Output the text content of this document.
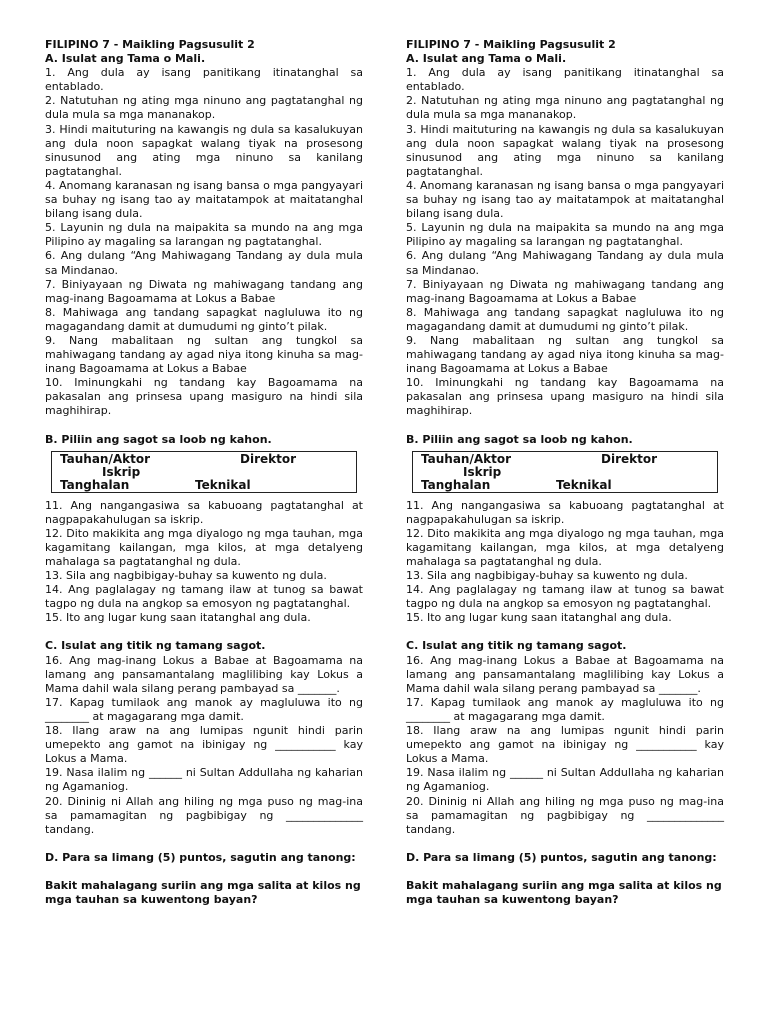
FILIPINO 7 - Maikling Pagsusulit 2
A. Isulat ang Tama o Mali.
1. Ang dula ay isang panitikang itinatanghal sa entablado.
2. Natutuhan ng ating mga ninuno ang pagtatanghal ng dula mula sa mga mananakop.
3. Hindi maituturing na kawangis ng dula sa kasalukuyan ang dula noon sapagkat walang tiyak na prosesong sinusunod ang ating mga ninuno sa kanilang pagtatanghal.
4. Anomang karanasan ng isang bansa o mga pangyayari sa buhay ng isang tao ay maitatampok at maitatanghal bilang isang dula.
5. Layunin ng dula na maipakita sa mundo na ang mga Pilipino ay magaling sa larangan ng pagtatanghal.
6. Ang dulang “Ang Mahiwagang Tandang ay dula mula sa Mindanao.
7. Biniyayaan ng Diwata ng mahiwagang tandang ang mag-inang Bagoamama at Lokus a Babae
8. Mahiwaga ang tandang sapagkat nagluluwa ito ng magagandang damit at dumudumi ng ginto’t pilak.
9. Nang mabalitaan ng sultan ang tungkol sa mahiwagang tandang ay agad niya itong kinuha sa mag-inang Bagoamama at Lokus a Babae
10. Iminungkahi ng tandang kay Bagoamama na pakasalan ang prinsesa upang masiguro na hindi sila maghihirap.
B. Piliin ang sagot sa loob ng kahon.
Tauhan/Aktor	Direktor
Iskrip
Tanghalan	Teknikal
11. Ang nangangasiwa sa kabuoang pagtatanghal at nagpapakahulugan sa iskrip.
12. Dito makikita ang mga diyalogo ng mga tauhan, mga kagamitang kailangan, mga kilos, at mga detalyeng mahalaga sa pagtatanghal ng dula.
13. Sila ang nagbibigay-buhay sa kuwento ng dula.
14. Ang paglalagay ng tamang ilaw at tunog sa bawat tagpo ng dula na angkop sa emosyon ng pagtatanghal.
15. Ito ang lugar kung saan itatanghal ang dula.
C. Isulat ang titik ng tamang sagot.
16. Ang mag-inang Lokus a Babae at Bagoamama na lamang ang pansamantalang maglilibing kay Lokus a Mama dahil wala silang perang pambayad sa _______.
17. Kapag tumilaok ang manok ay magluluwa ito ng ________ at magagarang mga damit.
18. Ilang araw na ang lumipas ngunit hindi parin umepekto ang gamot na ibinigay ng ___________ kay Lokus a Mama.
19. Nasa ilalim ng ______ ni Sultan Addullaha ng kaharian ng Agamaniog.
20. Dininig ni Allah ang hiling ng mga puso ng mag-ina sa pamamagitan ng pagbibigay ng ______________ tandang.
D. Para sa limang (5) puntos, sagutin ang tanong:
Bakit mahalagang suriin ang mga salita at kilos ng mga tauhan sa kuwentong bayan?
FILIPINO 7 - Maikling Pagsusulit 2
A. Isulat ang Tama o Mali.
1. Ang dula ay isang panitikang itinatanghal sa entablado.
2. Natutuhan ng ating mga ninuno ang pagtatanghal ng dula mula sa mga mananakop.
3. Hindi maituturing na kawangis ng dula sa kasalukuyan ang dula noon sapagkat walang tiyak na prosesong sinusunod ang ating mga ninuno sa kanilang pagtatanghal.
4. Anomang karanasan ng isang bansa o mga pangyayari sa buhay ng isang tao ay maitatampok at maitatanghal bilang isang dula.
5. Layunin ng dula na maipakita sa mundo na ang mga Pilipino ay magaling sa larangan ng pagtatanghal.
6. Ang dulang “Ang Mahiwagang Tandang ay dula mula sa Mindanao.
7. Biniyayaan ng Diwata ng mahiwagang tandang ang mag-inang Bagoamama at Lokus a Babae
8. Mahiwaga ang tandang sapagkat nagluluwa ito ng magagandang damit at dumudumi ng ginto’t pilak.
9. Nang mabalitaan ng sultan ang tungkol sa mahiwagang tandang ay agad niya itong kinuha sa mag-inang Bagoamama at Lokus a Babae
10. Iminungkahi ng tandang kay Bagoamama na pakasalan ang prinsesa upang masiguro na hindi sila maghihirap.
B. Piliin ang sagot sa loob ng kahon.
Tauhan/Aktor	Direktor
Iskrip
Tanghalan	Teknikal
11. Ang nangangasiwa sa kabuoang pagtatanghal at nagpapakahulugan sa iskrip.
12. Dito makikita ang mga diyalogo ng mga tauhan, mga kagamitang kailangan, mga kilos, at mga detalyeng mahalaga sa pagtatanghal ng dula.
13. Sila ang nagbibigay-buhay sa kuwento ng dula.
14. Ang paglalagay ng tamang ilaw at tunog sa bawat tagpo ng dula na angkop sa emosyon ng pagtatanghal.
15. Ito ang lugar kung saan itatanghal ang dula.
C. Isulat ang titik ng tamang sagot.
16. Ang mag-inang Lokus a Babae at Bagoamama na lamang ang pansamantalang maglilibing kay Lokus a Mama dahil wala silang perang pambayad sa _______.
17. Kapag tumilaok ang manok ay magluluwa ito ng ________ at magagarang mga damit.
18. Ilang araw na ang lumipas ngunit hindi parin umepekto ang gamot na ibinigay ng ___________ kay Lokus a Mama.
19. Nasa ilalim ng ______ ni Sultan Addullaha ng kaharian ng Agamaniog.
20. Dininig ni Allah ang hiling ng mga puso ng mag-ina sa pamamagitan ng pagbibigay ng ______________ tandang.
D. Para sa limang (5) puntos, sagutin ang tanong:
Bakit mahalagang suriin ang mga salita at kilos ng mga tauhan sa kuwentong bayan?
